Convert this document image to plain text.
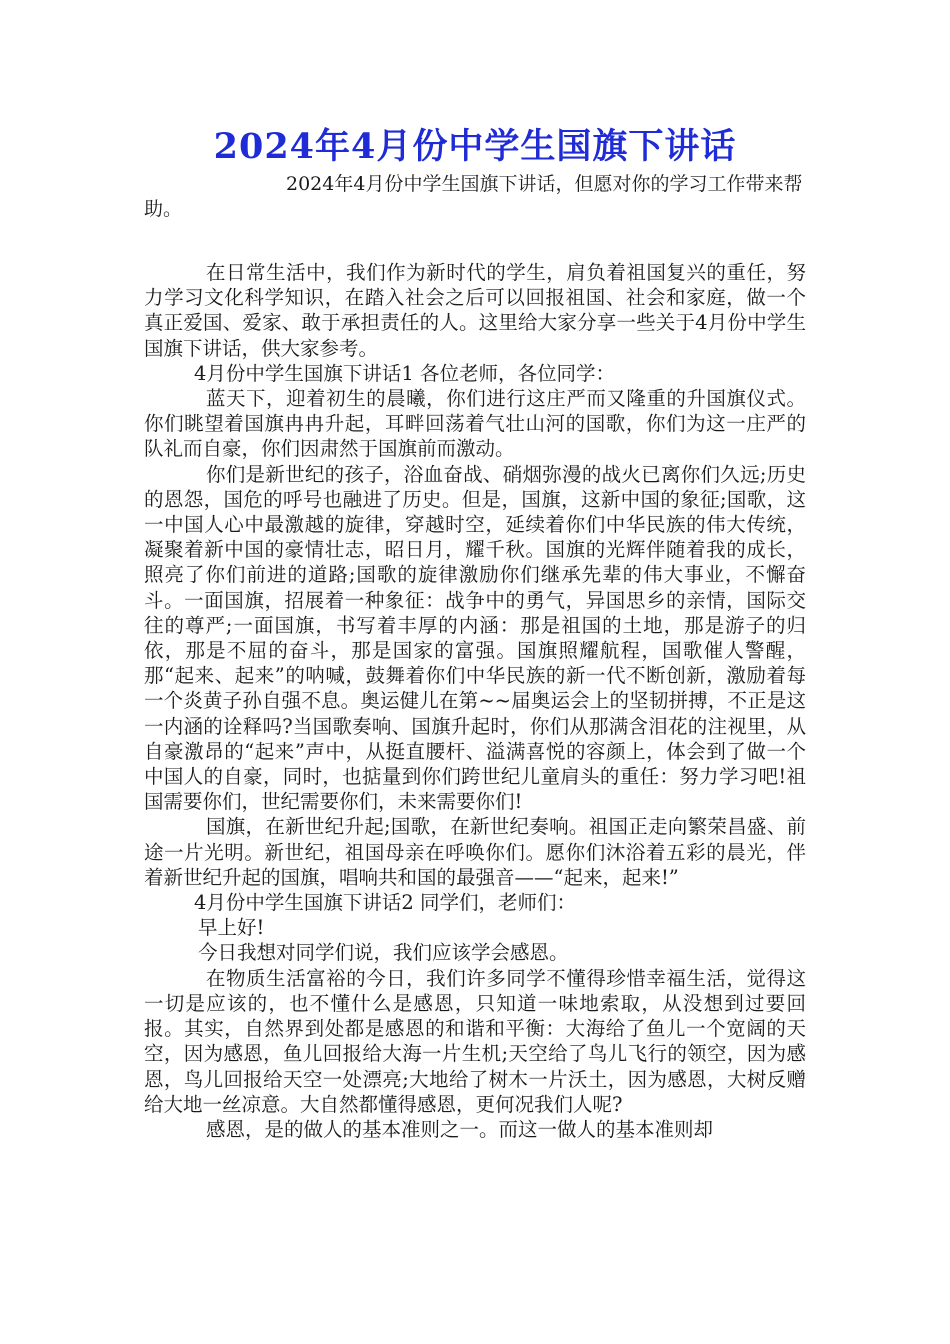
2024年4月份中学生国旗下讲话

2024年4月份中学生国旗下讲话，但愿对你的学习工作带来帮助。

在日常生活中，我们作为新时代的学生，肩负着祖国复兴的重任，努力学习文化科学知识，在踏入社会之后可以回报祖国、社会和家庭，做一个真正爱国、爱家、敢于承担责任的人。这里给大家分享一些关于4月份中学生国旗下讲话，供大家参考。

4月份中学生国旗下讲话1 各位老师，各位同学：

蓝天下，迎着初生的晨曦，你们进行这庄严而又隆重的升国旗仪式。你们眺望着国旗冉冉升起，耳畔回荡着气壮山河的国歌，你们为这一庄严的队礼而自豪，你们因肃然于国旗前而激动。

你们是新世纪的孩子，浴血奋战、硝烟弥漫的战火已离你们久远;历史的恩怨，国危的呼号也融进了历史。但是，国旗，这新中国的象征;国歌，这一中国人心中最激越的旋律，穿越时空，延续着你们中华民族的伟大传统，凝聚着新中国的豪情壮志，昭日月，耀千秋。国旗的光辉伴随着我的成长，照亮了你们前进的道路;国歌的旋律激励你们继承先辈的伟大事业，不懈奋斗。一面国旗，招展着一种象征：战争中的勇气，异国思乡的亲情，国际交往的尊严;一面国旗，书写着丰厚的内涵：那是祖国的土地，那是游子的归依，那是不屈的奋斗，那是国家的富强。国旗照耀航程，国歌催人警醒，那“起来、起来”的呐喊，鼓舞着你们中华民族的新一代不断创新，激励着每一个炎黄子孙自强不息。奥运健儿在第~~届奥运会上的坚韧拼搏，不正是这一内涵的诠释吗?当国歌奏响、国旗升起时，你们从那满含泪花的注视里，从自豪激昂的“起来”声中，从挺直腰杆、溢满喜悦的容颜上，体会到了做一个中国人的自豪，同时，也掂量到你们跨世纪儿童肩头的重任：努力学习吧!祖国需要你们，世纪需要你们，未来需要你们!

国旗，在新世纪升起;国歌，在新世纪奏响。祖国正走向繁荣昌盛、前途一片光明。新世纪，祖国母亲在呼唤你们。愿你们沐浴着五彩的晨光，伴着新世纪升起的国旗，唱响共和国的最强音——“起来，起来!”

4月份中学生国旗下讲话2 同学们，老师们：

早上好!

今日我想对同学们说，我们应该学会感恩。

在物质生活富裕的今日，我们许多同学不懂得珍惜幸福生活，觉得这一切是应该的，也不懂什么是感恩，只知道一味地索取，从没想到过要回报。其实，自然界到处都是感恩的和谐和平衡：大海给了鱼儿一个宽阔的天空，因为感恩，鱼儿回报给大海一片生机;天空给了鸟儿飞行的领空，因为感恩，鸟儿回报给天空一处漂亮;大地给了树木一片沃土，因为感恩，大树反赠给大地一丝凉意。大自然都懂得感恩，更何况我们人呢?

感恩，是的做人的基本准则之一。而这一做人的基本准则却
